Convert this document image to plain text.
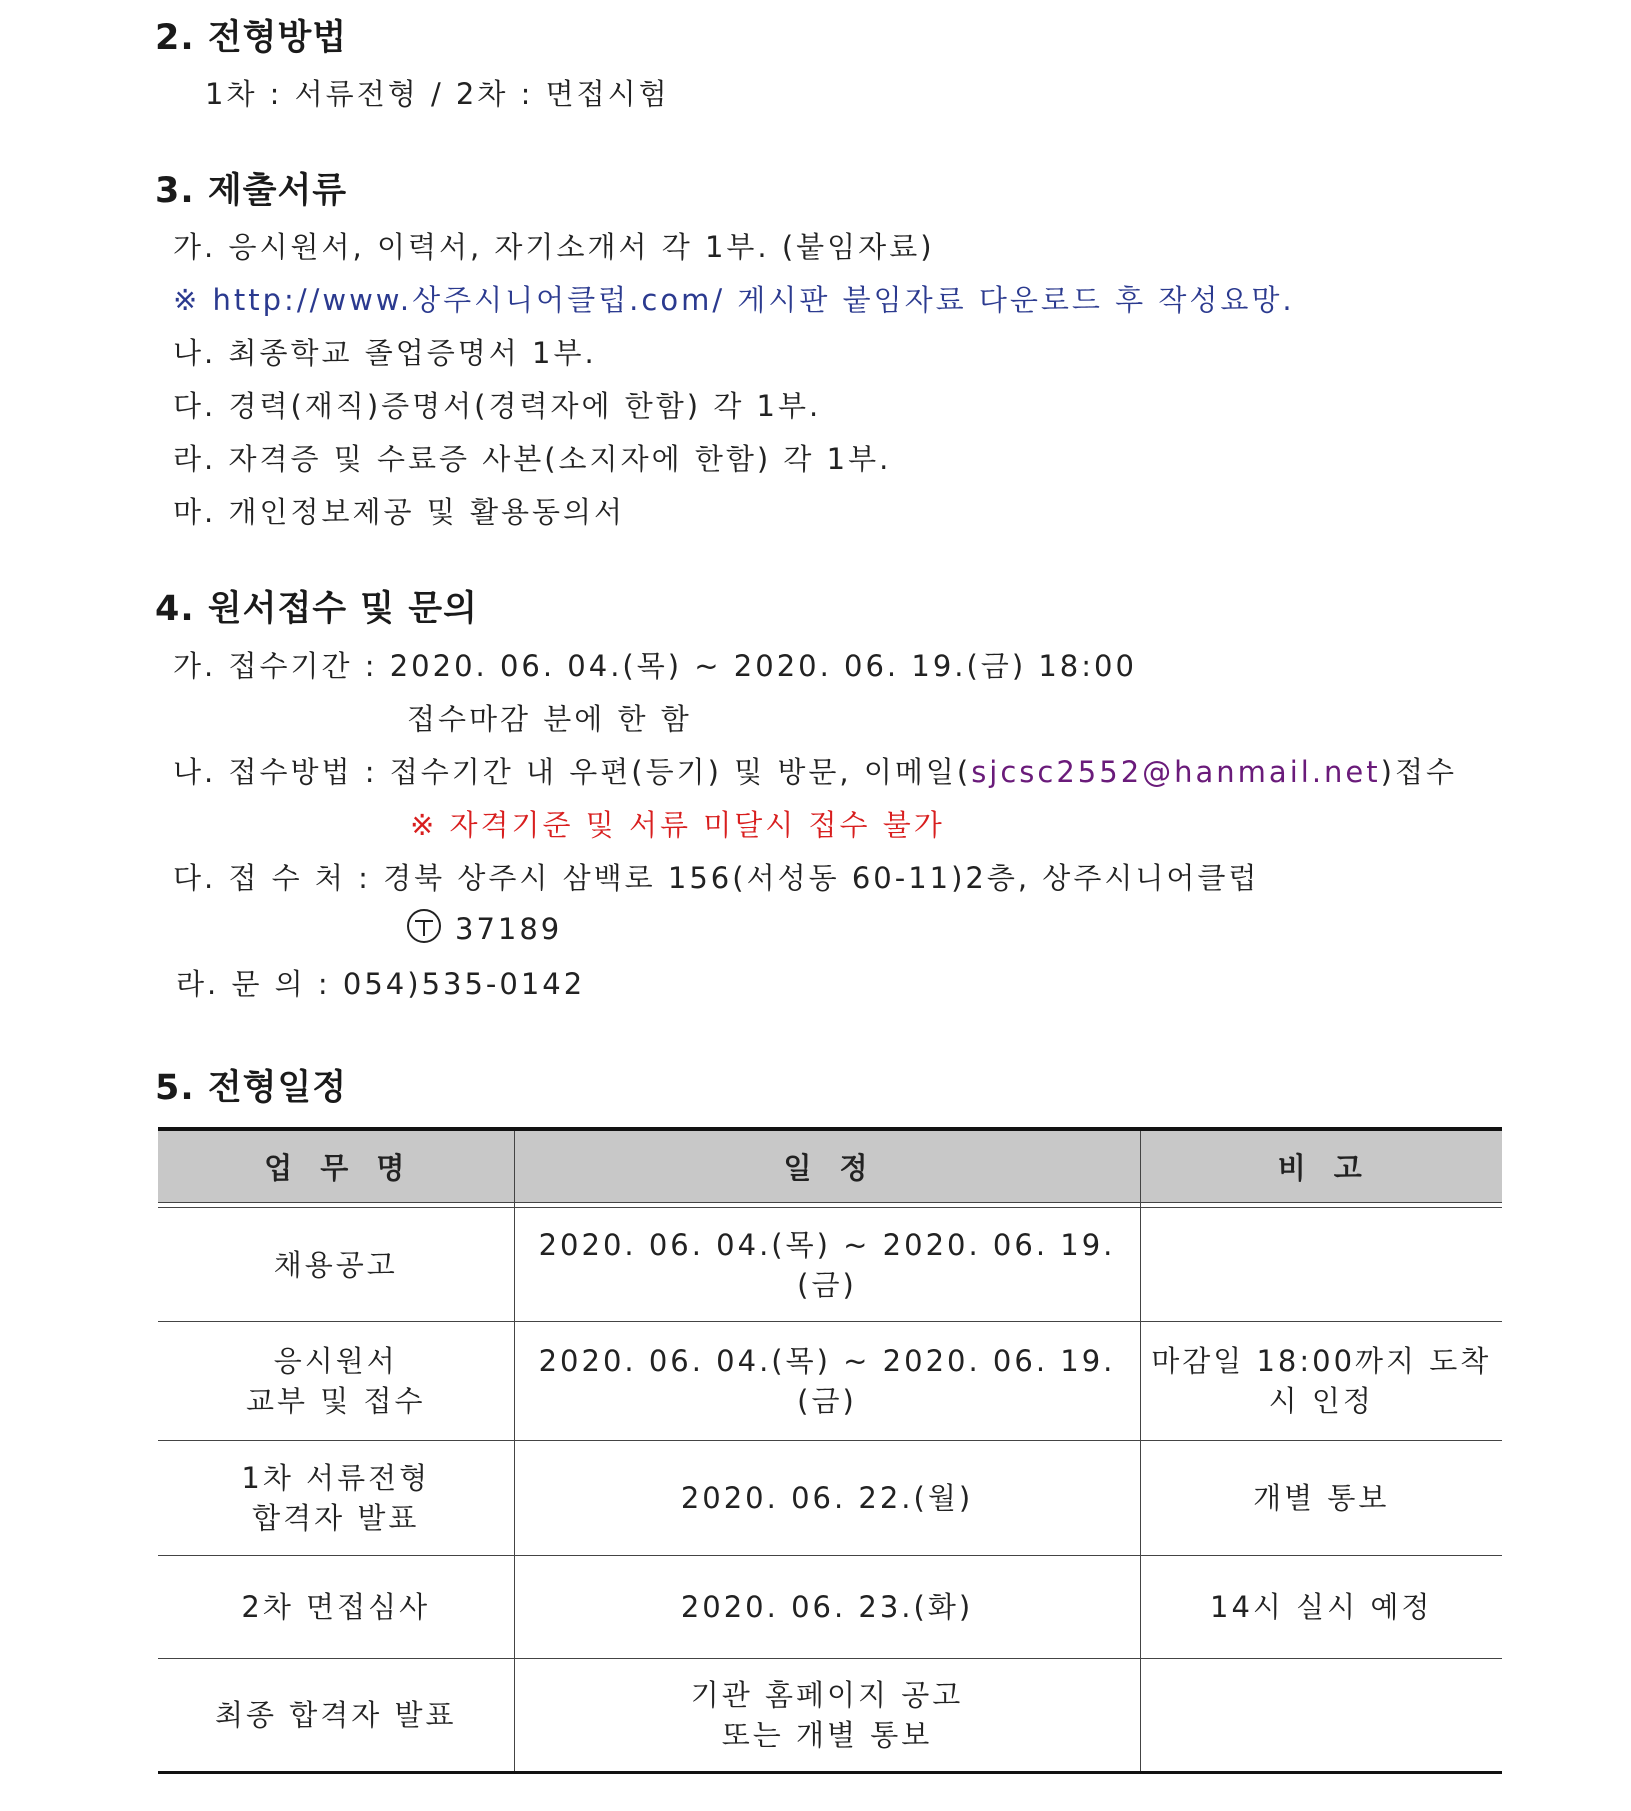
2. 전형방법
1차 : 서류전형 / 2차 : 면접시험
3. 제출서류
가. 응시원서, 이력서, 자기소개서 각 1부. (붙임자료)
※ http://www.상주시니어클럽.com/ 게시판 붙임자료 다운로드 후 작성요망.
나. 최종학교 졸업증명서 1부.
다. 경력(재직)증명서(경력자에 한함) 각 1부.
라. 자격증 및 수료증 사본(소지자에 한함) 각 1부.
마. 개인정보제공 및 활용동의서
4. 원서접수 및 문의
가. 접수기간 : 2020. 06. 04.(목) ~ 2020. 06. 19.(금) 18:00
접수마감 분에 한 함
나. 접수방법 : 접수기간 내 우편(등기) 및 방문, 이메일(sjcsc2552@hanmail.net)접수
※ 자격기준 및 서류 미달시 접수 불가
다. 접 수 처 : 경북 상주시 삼백로 156(서성동 60-11)2층, 상주시니어클럽
37189
라. 문 의 : 054)535-0142
5. 전형일정
업 무 명	일 정	비 고

채용공고	2020. 06. 04.(목) ~ 2020. 06. 19.(금)	
응시원서
교부 및 접수	2020. 06. 04.(목) ~ 2020. 06. 19.(금)	마감일 18:00까지 도착
시 인정
1차 서류전형
합격자 발표	2020. 06. 22.(월)	개별 통보
2차 면접심사	2020. 06. 23.(화)	14시 실시 예정
최종 합격자 발표	기관 홈페이지 공고
또는 개별 통보	
